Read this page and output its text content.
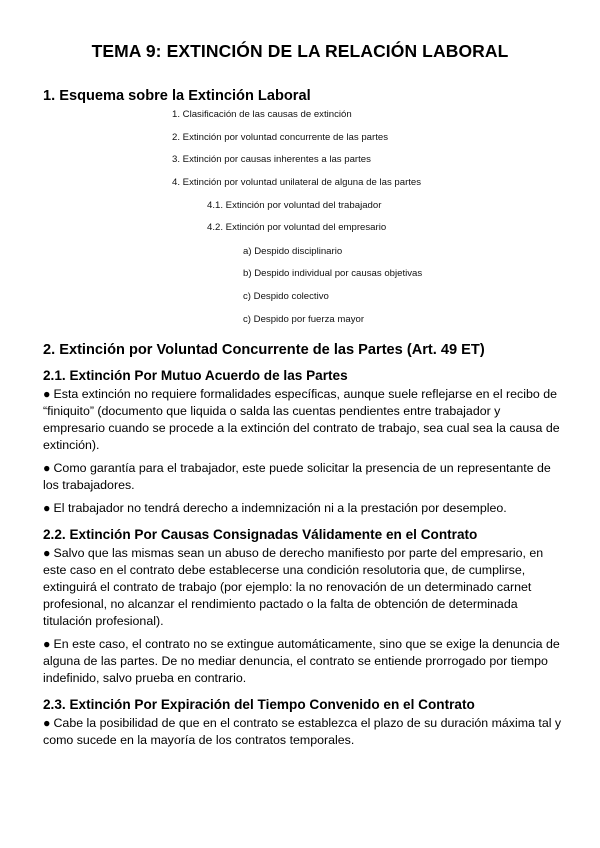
TEMA 9: EXTINCIÓN DE LA RELACIÓN LABORAL
1. Esquema sobre la Extinción Laboral
1. Clasificación de las causas de extinción
2. Extinción por voluntad concurrente de las partes
3. Extinción por causas inherentes a las partes
4. Extinción por voluntad unilateral de alguna de las partes
4.1. Extinción por voluntad del trabajador
4.2. Extinción por voluntad del empresario
a) Despido disciplinario
b) Despido individual por causas objetivas
c) Despido colectivo
c) Despido por fuerza mayor
2. Extinción por Voluntad Concurrente de las Partes (Art. 49 ET)
2.1. Extinción Por Mutuo Acuerdo de las Partes
● Esta extinción no requiere formalidades específicas, aunque suele reflejarse en el recibo de “finiquito” (documento que liquida o salda las cuentas pendientes entre trabajador y empresario cuando se procede a la extinción del contrato de trabajo, sea cual sea la causa de extinción).
● Como garantía para el trabajador, este puede solicitar la presencia de un representante de los trabajadores.
● El trabajador no tendrá derecho a indemnización ni a la prestación por desempleo.
2.2. Extinción Por Causas Consignadas Válidamente en el Contrato
● Salvo que las mismas sean un abuso de derecho manifiesto por parte del empresario, en este caso en el contrato debe establecerse una condición resolutoria que, de cumplirse, extinguirá el contrato de trabajo (por ejemplo: la no renovación de un determinado carnet profesional, no alcanzar el rendimiento pactado o la falta de obtención de determinada titulación profesional).
● En este caso, el contrato no se extingue automáticamente, sino que se exige la denuncia de alguna de las partes. De no mediar denuncia, el contrato se entiende prorrogado por tiempo indefinido, salvo prueba en contrario.
2.3. Extinción Por Expiración del Tiempo Convenido en el Contrato
● Cabe la posibilidad de que en el contrato se establezca el plazo de su duración máxima tal y como sucede en la mayoría de los contratos temporales.
